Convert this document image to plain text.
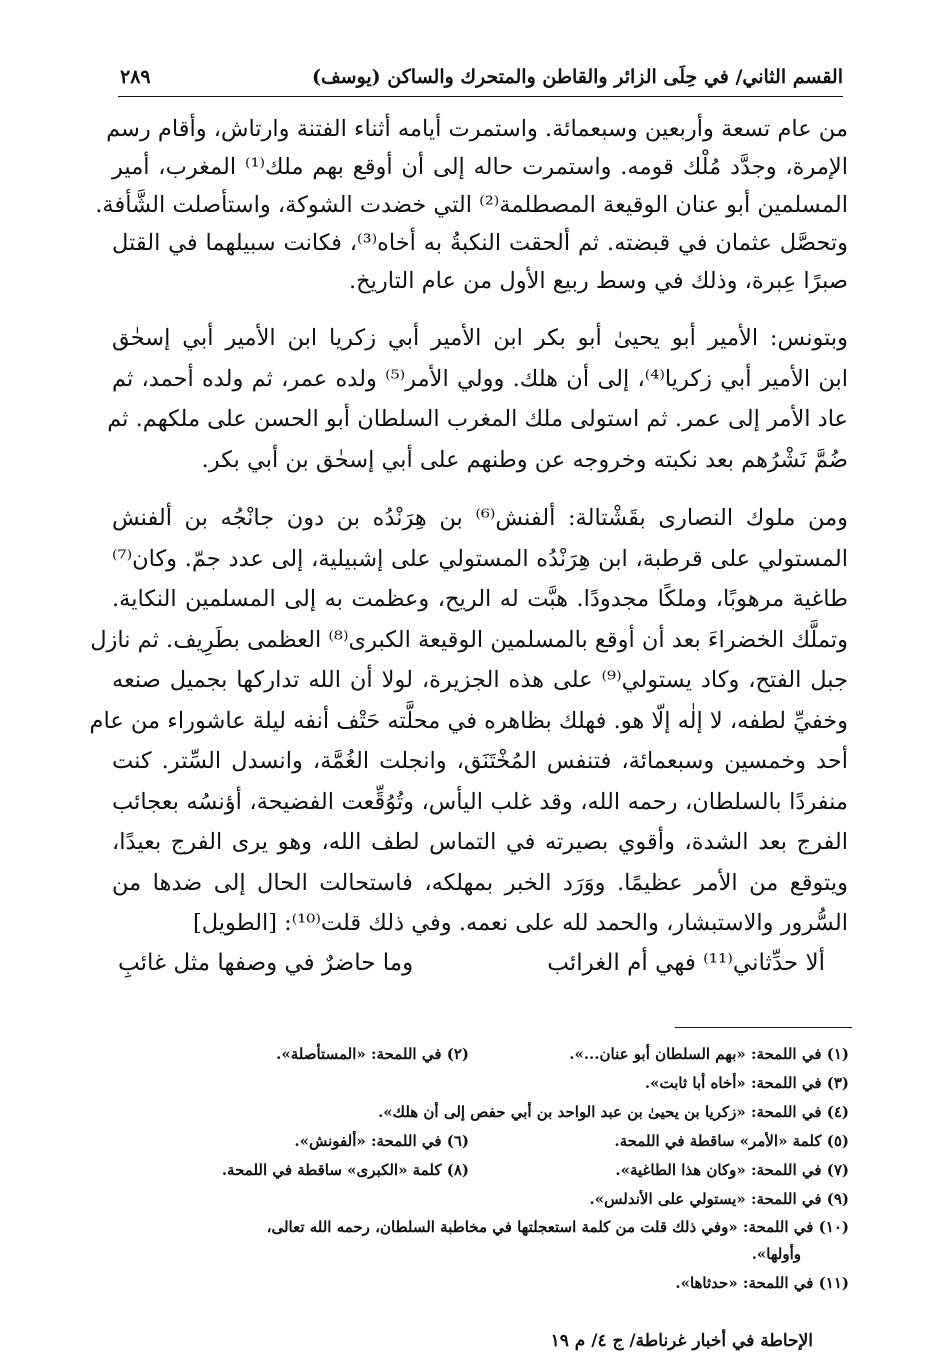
القسم الثاني/ في حِلَى الزائر والقاطن والمتحرك والساكن (يوسف)
٢٨٩
من عام تسعة وأربعين وسبعمائة. واستمرت أيامه أثناء الفتنة وارتاش، وأقام رسم
الإمرة، وجدَّد مُلْك قومه. واستمرت حاله إلى أن أوقع بهم ملك⁽¹⁾ المغرب، أمير
المسلمين أبو عنان الوقيعة المصطلمة⁽²⁾ التي خضدت الشوكة، واستأصلت الشَّأفة.
وتحصَّل عثمان في قبضته. ثم ألحقت النكبةُ به أخاه⁽³⁾، فكانت سبيلهما في القتل
صبرًا عِبرة، وذلك في وسط ربيع الأول من عام التاريخ.
وبتونس: الأمير أبو يحيىٰ أبو بكر ابن الأمير أبي زكريا ابن الأمير أبي إسحٰق
ابن الأمير أبي زكريا⁽⁴⁾، إلى أن هلك. وولي الأمر⁽⁵⁾ ولده عمر، ثم ولده أحمد، ثم
عاد الأمر إلى عمر. ثم استولى ملك المغرب السلطان أبو الحسن على ملكهم. ثم
ضُمَّ نَشْرُهم بعد نكبته وخروجه عن وطنهم على أبي إسحٰق بن أبي بكر.
ومن ملوك النصارى بقَشْتالة: ألفنش⁽⁶⁾ بن هِرَنْدُه بن دون جانْجُه بن ألفنش
المستولي على قرطبة، ابن هِرَنْدُه المستولي على إشبيلية، إلى عدد جمّ. وكان⁽⁷⁾
طاغية مرهوبًا، وملكًا مجدودًا. هبَّت له الريح، وعظمت به إلى المسلمين النكاية.
وتملَّك الخضراءَ بعد أن أوقع بالمسلمين الوقيعة الكبرى⁽⁸⁾ العظمى بطَرِيف. ثم نازل
جبل الفتح، وكاد يستولي⁽⁹⁾ على هذه الجزيرة، لولا أن الله تداركها بجميل صنعه
وخفيِّ لطفه، لا إلٰه إلّا هو. فهلك بظاهره في محلَّته حَتْف أنفه ليلة عاشوراء من عام
أحد وخمسين وسبعمائة، فتنفس المُخْتَنَق، وانجلت الغُمَّة، وانسدل السِّتر. كنت
منفردًا بالسلطان، رحمه الله، وقد غلب اليأس، وتُوُقِّعت الفضيحة، أؤنسُه بعجائب
الفرج بعد الشدة، وأقوي بصيرته في التماس لطف الله، وهو يرى الفرج بعيدًا،
ويتوقع من الأمر عظيمًا. ووَرَد الخبر بمهلكه، فاستحالت الحال إلى ضدها من
السُّرور والاستبشار، والحمد لله على نعمه. وفي ذلك قلت⁽¹⁰⁾: [الطويل]
ألا حدِّثاني⁽¹¹⁾ فهي أم الغرائب
وما حاضرٌ في وصفها مثل غائبِ
(١) في اللمحة: «بهم السلطان أبو عنان...».
(٢) في اللمحة: «المستأصلة».
(٣) في اللمحة: «أخاه أبا ثابت».
(٤) في اللمحة: «زكريا بن يحيىٰ بن عبد الواحد بن أبي حفص إلى أن هلك».
(٥) كلمة «الأمر» ساقطة في اللمحة.
(٦) في اللمحة: «ألفونش».
(٧) في اللمحة: «وكان هذا الطاغية».
(٨) كلمة «الكبرى» ساقطة في اللمحة.
(٩) في اللمحة: «يستولي على الأندلس».
(١٠) في اللمحة: «وفي ذلك قلت من كلمة استعجلتها في مخاطبة السلطان، رحمه الله تعالى،
وأولها».
(١١) في اللمحة: «حدثاها».
الإحاطة في أخبار غرناطة/ ج ٤/ م ١٩
